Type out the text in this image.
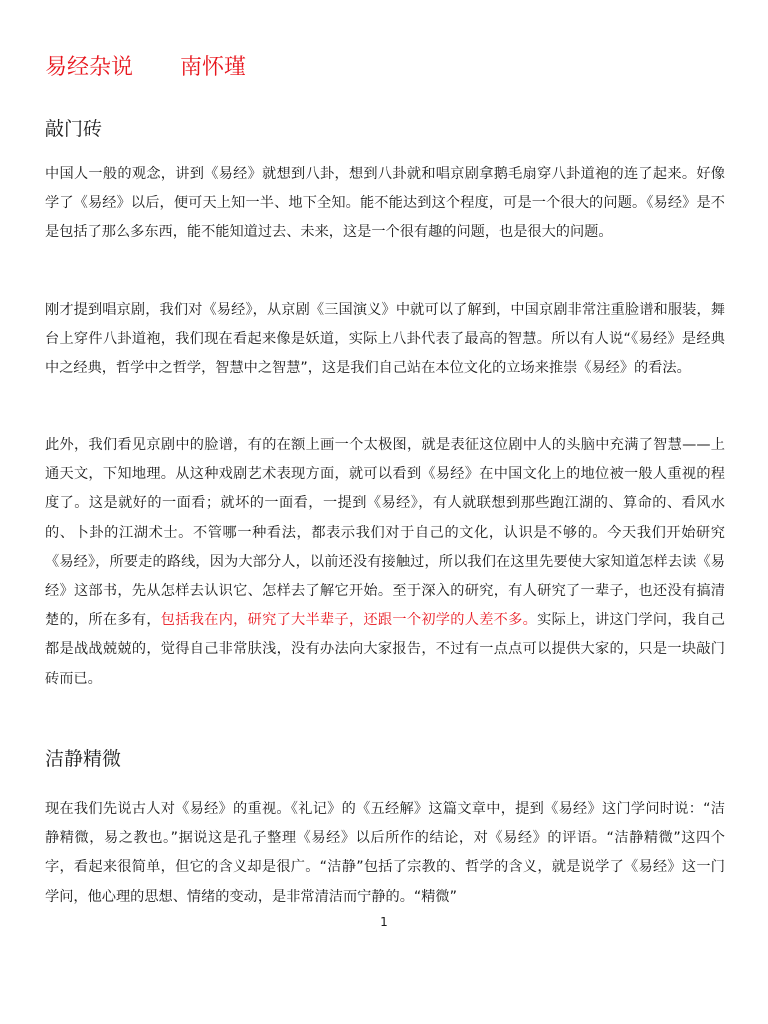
易经杂说 南怀瑾
敲门砖

中国人一般的观念，讲到《易经》就想到八卦，想到八卦就和唱京剧拿鹅毛扇穿八卦道袍的连了起来。好像学了《易经》以后，便可天上知一半、地下全知。能不能达到这个程度，可是一个很大的问题。《易经》是不是包括了那么多东西，能不能知道过去、未来，这是一个很有趣的问题，也是很大的问题。

刚才提到唱京剧，我们对《易经》，从京剧《三国演义》中就可以了解到，中国京剧非常注重脸谱和服装，舞台上穿件八卦道袍，我们现在看起来像是妖道，实际上八卦代表了最高的智慧。所以有人说“《易经》是经典中之经典，哲学中之哲学，智慧中之智慧”，这是我们自己站在本位文化的立场来推崇《易经》的看法。

此外，我们看见京剧中的脸谱，有的在额上画一个太极图，就是表征这位剧中人的头脑中充满了智慧——上通天文，下知地理。从这种戏剧艺术表现方面，就可以看到《易经》在中国文化上的地位被一般人重视的程度了。这是就好的一面看；就坏的一面看，一提到《易经》，有人就联想到那些跑江湖的、算命的、看风水的、卜卦的江湖术士。不管哪一种看法，都表示我们对于自己的文化，认识是不够的。今天我们开始研究《易经》，所要走的路线，因为大部分人，以前还没有接触过，所以我们在这里先要使大家知道怎样去读《易经》这部书，先从怎样去认识它、怎样去了解它开始。至于深入的研究，有人研究了一辈子，也还没有搞清楚的，所在多有，包括我在内，研究了大半辈子，还跟一个初学的人差不多。实际上，讲这门学问，我自己都是战战兢兢的，觉得自己非常肤浅，没有办法向大家报告，不过有一点点可以提供大家的，只是一块敲门砖而已。

洁静精微

现在我们先说古人对《易经》的重视。《礼记》的《五经解》这篇文章中，提到《易经》这门学问时说：“洁静精微，易之教也。”据说这是孔子整理《易经》以后所作的结论，对《易经》的评语。“洁静精微”这四个字，看起来很简单，但它的含义却是很广。“洁静”包括了宗教的、哲学的含义，就是说学了《易经》这一门学问，他心理的思想、情绪的变动，是非常清洁而宁静的。“精微”

1
